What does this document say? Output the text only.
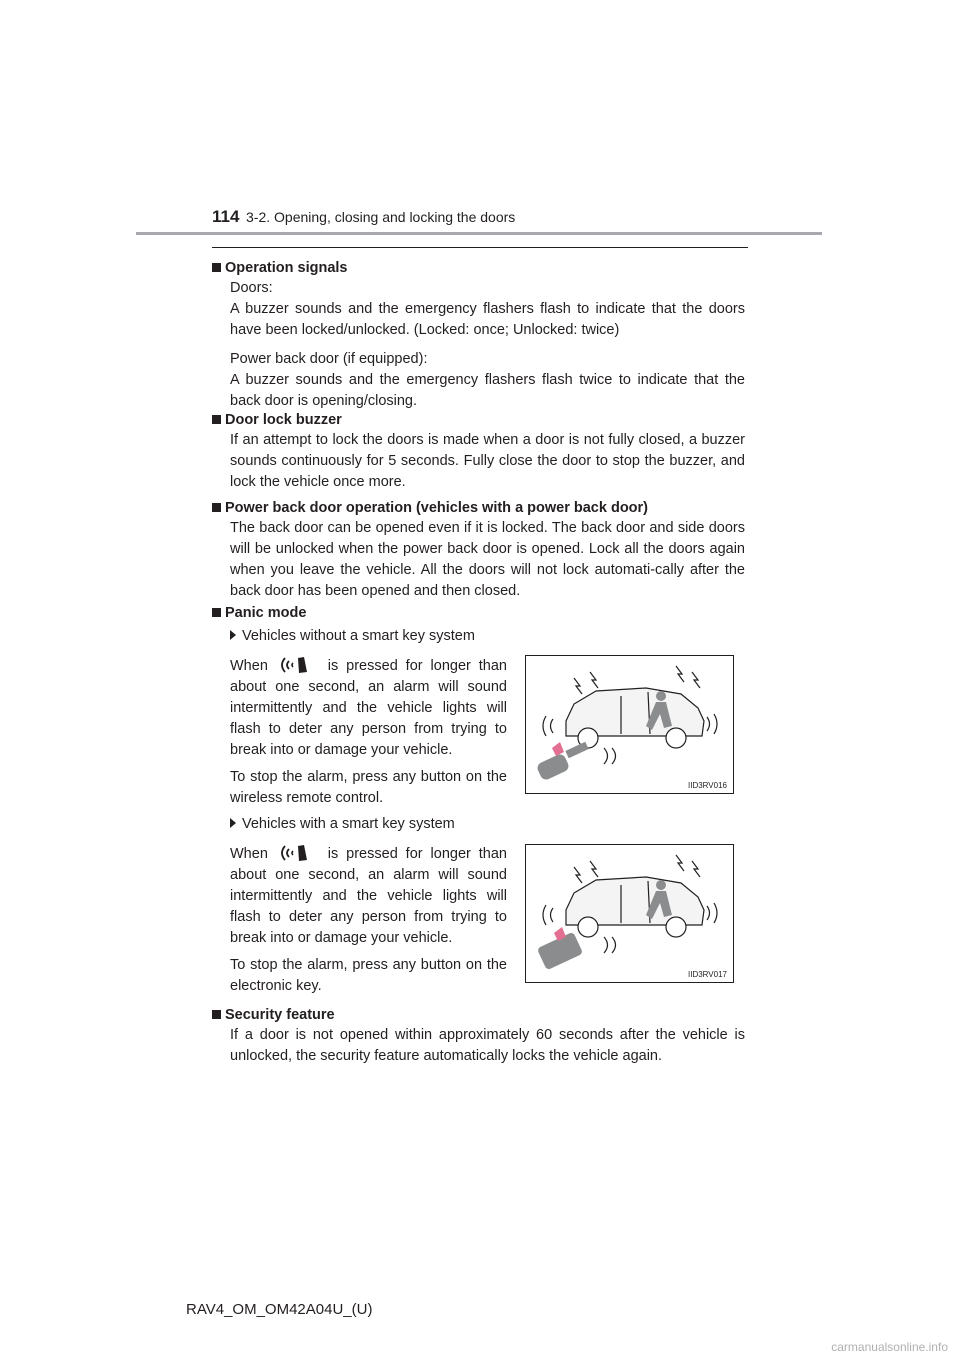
114 3-2. Opening, closing and locking the doors
Operation signals

Doors:

A buzzer sounds and the emergency flashers flash to indicate that the doors have been locked/unlocked. (Locked: once; Unlocked: twice)

Power back door (if equipped):

A buzzer sounds and the emergency flashers flash twice to indicate that the back door is opening/closing.

Door lock buzzer
If an attempt to lock the doors is made when a door is not fully closed, a buzzer sounds continuously for 5 seconds. Fully close the door to stop the buzzer, and lock the vehicle once more.
Power back door operation (vehicles with a power back door)
The back door can be opened even if it is locked. The back door and side doors will be unlocked when the power back door is opened. Lock all the doors again when you leave the vehicle. All the doors will not lock automati-cally after the back door has been opened and then closed.
Panic mode
Vehicles without a smart key system

When	is pressed for longer than about one second, an alarm will sound intermittently and the vehicle lights will flash to deter any person from trying to break into or damage your vehicle.

To stop the alarm, press any button on the wireless remote control.

IID3RV016
Vehicles with a smart key system

When	is pressed for longer than about one second, an alarm will sound intermittently and the vehicle lights will flash to deter any person from trying to break into or damage your vehicle.

To stop the alarm, press any button on the electronic key.

IID3RV017
Security feature
If a door is not opened within approximately 60 seconds after the vehicle is unlocked, the security feature automatically locks the vehicle again.
RAV4_OM_OM42A04U_(U)
carmanualsonline.info
